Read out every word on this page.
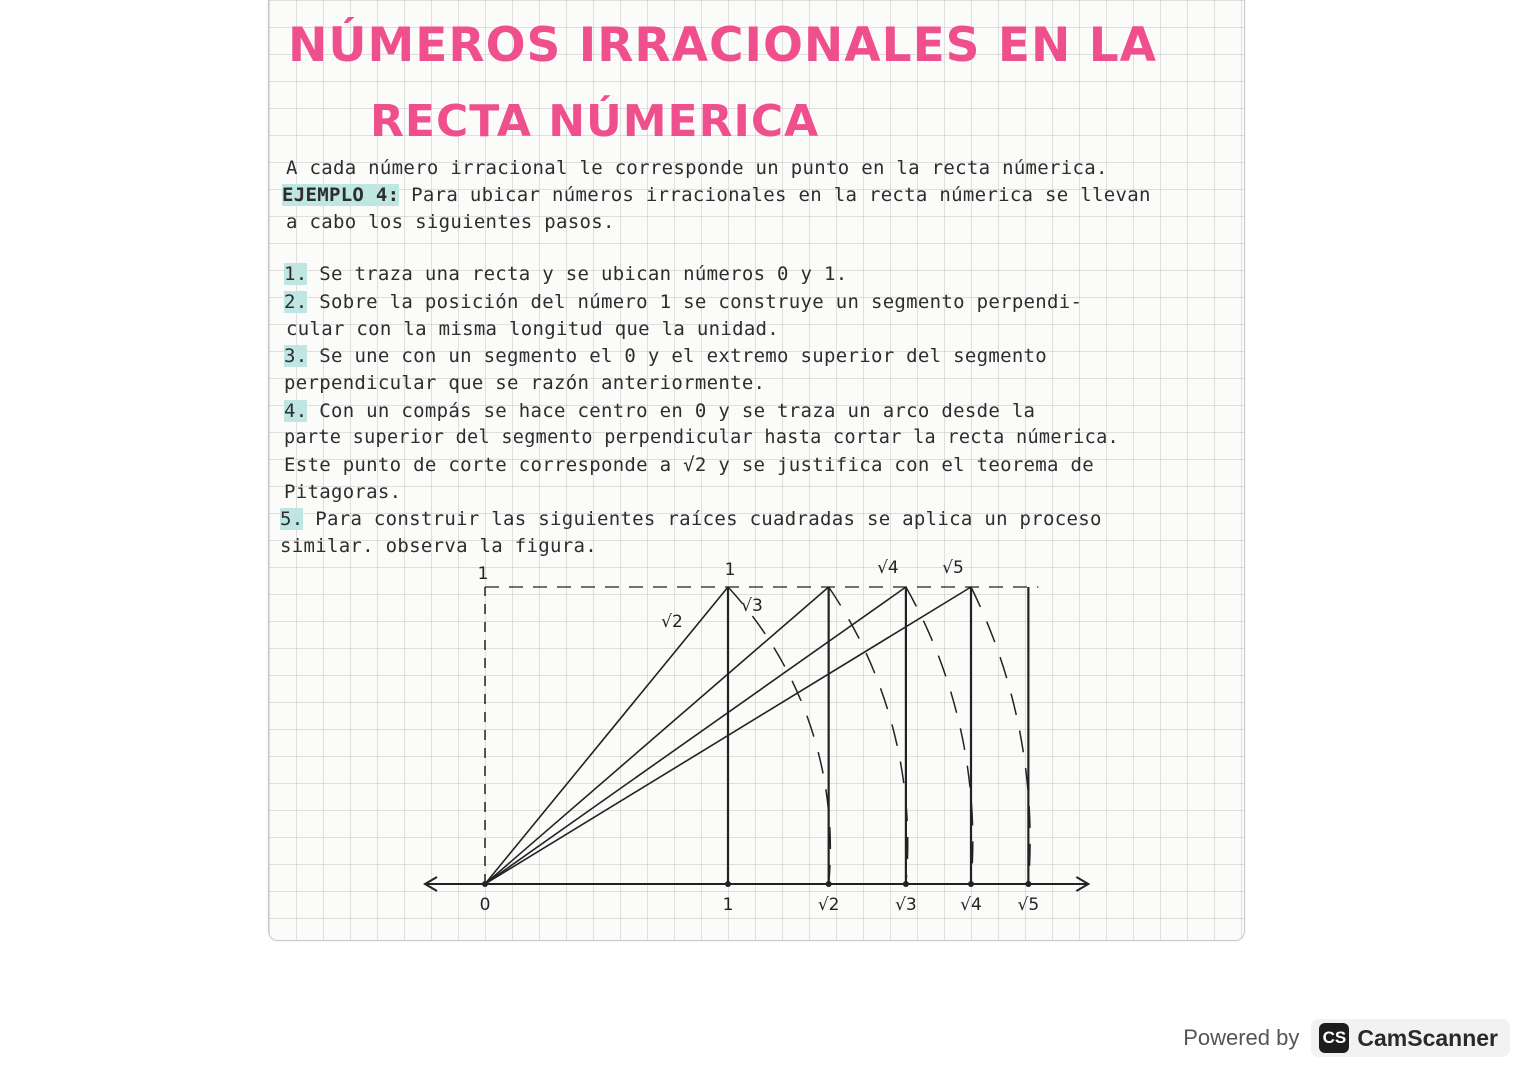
NÚMEROS IRRACIONALES EN LA
RECTA NÚMERICA
A cada número irracional le corresponde un punto en la recta númerica.
EJEMPLO 4: Para ubicar números irracionales en la recta númerica se llevan
a cabo los siguientes pasos.
1. Se traza una recta y se ubican números 0 y 1.
2. Sobre la posición del número 1 se construye un segmento perpendi-
cular con la misma longitud que la unidad.
3. Se une con un segmento el 0 y el extremo superior del segmento
perpendicular que se razón anteriormente.
4. Con un compás se hace centro en 0 y se traza un arco desde la
parte superior del segmento perpendicular hasta cortar la recta númerica.
Este punto de corte corresponde a √2 y se justifica con el teorema de
Pitagoras.
5. Para construir las siguientes raíces cuadradas se aplica un proceso
similar. observa la figura.
0	1	√2	√3	√4 √5
1	1	√4	√5
√2
√3
Powered by CS CamScanner
